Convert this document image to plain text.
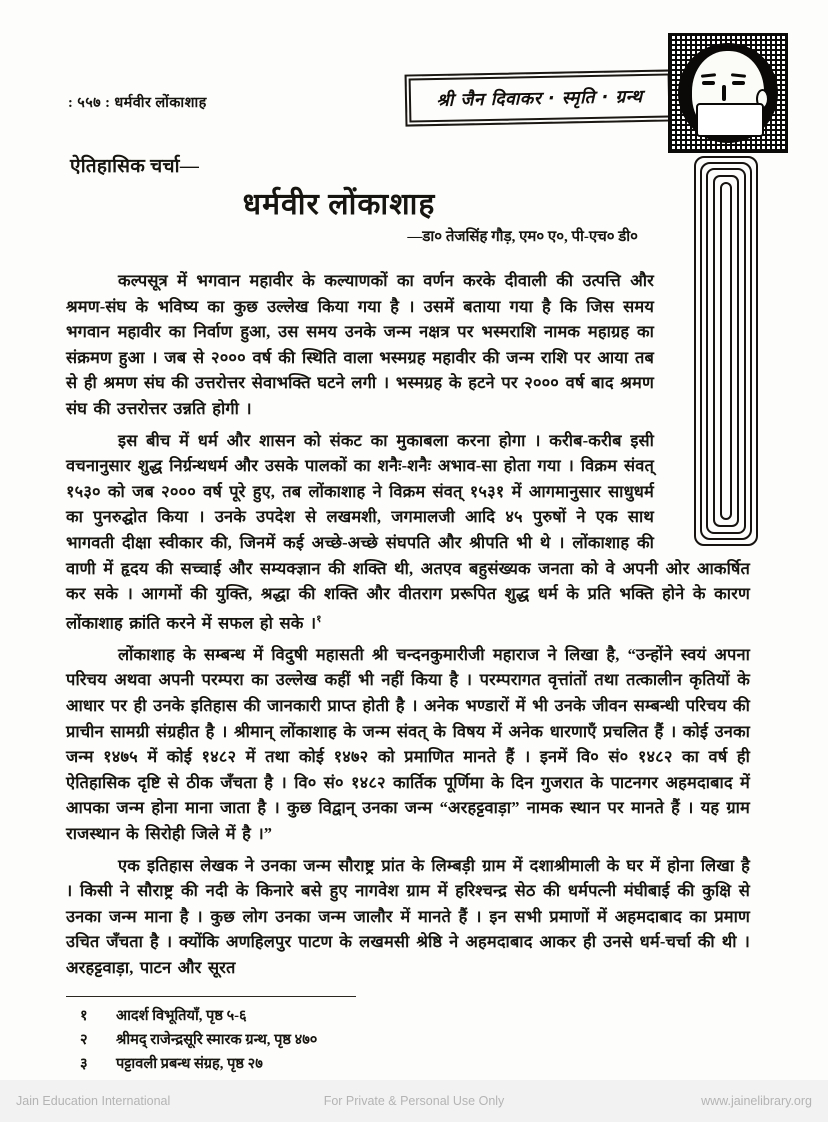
: ५५७ : धर्मवीर लोंकाशाह	श्री जैन दिवाकर · स्मृति · ग्रन्थ
ऐतिहासिक चर्चा—
धर्मवीर लोंकाशाह
—डा० तेजसिंह गौड़, एम० ए०, पी-एच० डी०

कल्पसूत्र में भगवान महावीर के कल्याणकों का वर्णन करके दीवाली की उत्पत्ति और श्रमण-संघ के भविष्य का कुछ उल्लेख किया गया है । उसमें बताया गया है कि जिस समय भगवान महावीर का निर्वाण हुआ, उस समय उनके जन्म नक्षत्र पर भस्मराशि नामक महाग्रह का संक्रमण हुआ । जब से २००० वर्ष की स्थिति वाला भस्मग्रह महावीर की जन्म राशि पर आया तब से ही श्रमण संघ की उत्तरोत्तर सेवाभक्ति घटने लगी । भस्मग्रह के हटने पर २००० वर्ष बाद श्रमण संघ की उत्तरोत्तर उन्नति होगी ।

इस बीच में धर्म और शासन को संकट का मुकाबला करना होगा । करीब-करीब इसी वचनानुसार शुद्ध निर्ग्रन्थधर्म और उसके पालकों का शनैः-शनैः अभाव-सा होता गया । विक्रम संवत् १५३० को जब २००० वर्ष पूरे हुए, तब लोंकाशाह ने विक्रम संवत् १५३१ में आगमानुसार साधुधर्म का पुनरुद्घोत किया । उनके उपदेश से लखमशी, जगमालजी आदि ४५ पुरुषों ने एक साथ भागवती दीक्षा स्वीकार की, जिनमें कई अच्छे-अच्छे संघपति और श्रीपति भी थे । लोंकाशाह की वाणी में हृदय की सच्चाई और सम्यक्ज्ञान की शक्ति थी, अतएव बहुसंख्यक जनता को वे अपनी ओर आकर्षित कर सके । आगमों की युक्ति, श्रद्धा की शक्ति और वीतराग प्ररूपित शुद्ध धर्म के प्रति भक्ति होने के कारण लोंकाशाह क्रांति करने में सफल हो सके ।$^१$

लोंकाशाह के सम्बन्ध में विदुषी महासती श्री चन्दनकुमारीजी महाराज ने लिखा है, “उन्होंने स्वयं अपना परिचय अथवा अपनी परम्परा का उल्लेख कहीं भी नहीं किया है । परम्परागत वृत्तांतों तथा तत्कालीन कृतियों के आधार पर ही उनके इतिहास की जानकारी प्राप्त होती है । अनेक भण्डारों में भी उनके जीवन सम्बन्धी परिचय की प्राचीन सामग्री संग्रहीत है । श्रीमान् लोंकाशाह के जन्म संवत् के विषय में अनेक धारणाएँ प्रचलित हैं । कोई उनका जन्म १४७५ में कोई १४८२ में तथा कोई १४७२ को प्रमाणित मानते हैं । इनमें वि० सं० १४८२ का वर्ष ही ऐतिहासिक दृष्टि से ठीक जँचता है । वि० सं० १४८२ कार्तिक पूर्णिमा के दिन गुजरात के पाटनगर अहमदाबाद में आपका जन्म होना माना जाता है । कुछ विद्वान् उनका जन्म “अरहट्टवाड़ा” नामक स्थान पर मानते हैं । यह ग्राम राजस्थान के सिरोही जिले में है ।”

एक इतिहास लेखक ने उनका जन्म सौराष्ट्र प्रांत के लिम्बड़ी ग्राम में दशाश्रीमाली के घर में होना लिखा है । किसी ने सौराष्ट्र की नदी के किनारे बसे हुए नागवेश ग्राम में हरिश्चन्द्र सेठ की धर्मपत्नी मंघीबाई की कुक्षि से उनका जन्म माना है । कुछ लोग उनका जन्म जालौर में मानते हैं । इन सभी प्रमाणों में अहमदाबाद का प्रमाण उचित जँचता है । क्योंकि अणहिलपुर पाटण के लखमसी श्रेष्ठि ने अहमदाबाद आकर ही उनसे धर्म-चर्चा की थी । अरहट्टवाड़ा, पाटन और सूरत

१	आदर्श विभूतियाँ, पृष्ठ ५-६
२	श्रीमद् राजेन्द्रसूरि स्मारक ग्रन्थ, पृष्ठ ४७०
३	पट्टावली प्रबन्ध संग्रह, पृष्ठ २७
Jain Education International	For Private & Personal Use Only	www.jainelibrary.org
